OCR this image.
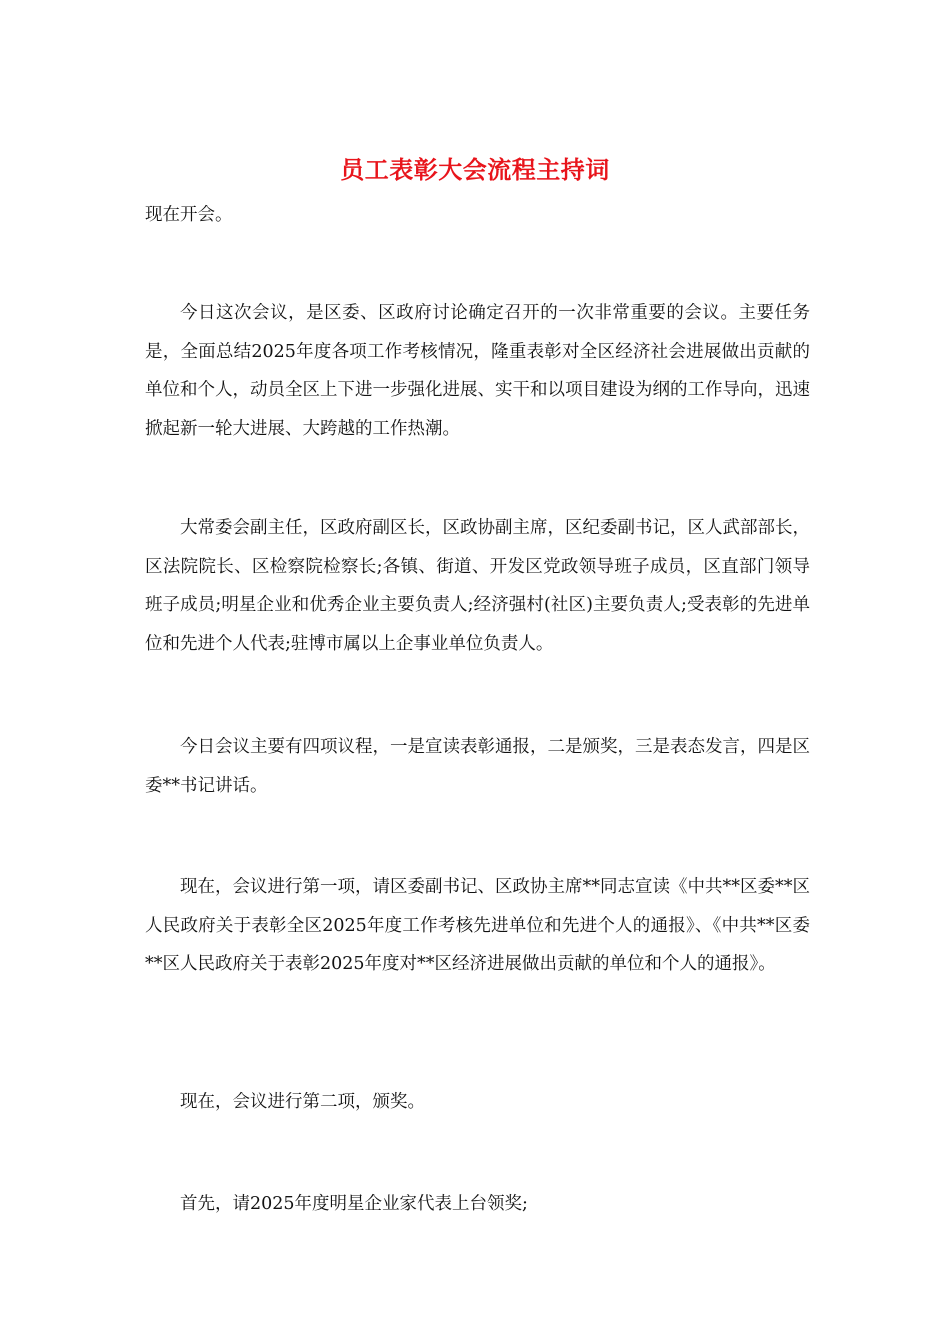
员工表彰大会流程主持词

现在开会。

今日这次会议，是区委、区政府讨论确定召开的一次非常重要的会议。主要任务是，全面总结2025年度各项工作考核情况，隆重表彰对全区经济社会进展做出贡献的单位和个人，动员全区上下进一步强化进展、实干和以项目建设为纲的工作导向，迅速掀起新一轮大进展、大跨越的工作热潮。

大常委会副主任，区政府副区长，区政协副主席，区纪委副书记，区人武部部长，区法院院长、区检察院检察长;各镇、街道、开发区党政领导班子成员，区直部门领导班子成员;明星企业和优秀企业主要负责人;经济强村(社区)主要负责人;受表彰的先进单位和先进个人代表;驻博市属以上企事业单位负责人。

今日会议主要有四项议程，一是宣读表彰通报，二是颁奖，三是表态发言，四是区委**书记讲话。

现在，会议进行第一项，请区委副书记、区政协主席**同志宣读《中共**区委**区人民政府关于表彰全区2025年度工作考核先进单位和先进个人的通报》、《中共**区委**区人民政府关于表彰2025年度对**区经济进展做出贡献的单位和个人的通报》。

现在，会议进行第二项，颁奖。

首先，请2025年度明星企业家代表上台领奖;
